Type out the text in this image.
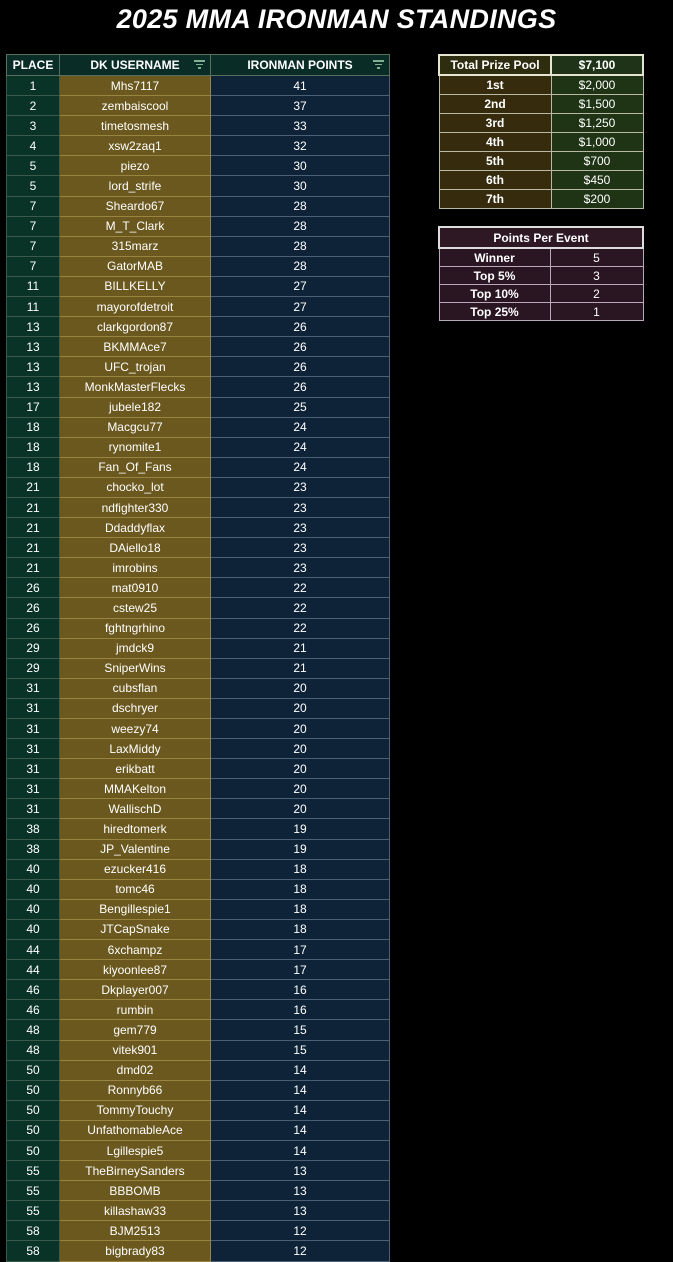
2025 MMA IRONMAN STANDINGS
PLACE	DK USERNAME	IRONMAN POINTS

1	Mhs7117	41
2	zembaiscool	37
3	timetosmesh	33
4	xsw2zaq1	32
5	piezo	30
5	lord_strife	30
7	Sheardo67	28
7	M_T_Clark	28
7	315marz	28
7	GatorMAB	28
11	BILLKELLY	27
11	mayorofdetroit	27
13	clarkgordon87	26
13	BKMMAce7	26
13	UFC_trojan	26
13	MonkMasterFlecks	26
17	jubele182	25
18	Macgcu77	24
18	rynomite1	24
18	Fan_Of_Fans	24
21	chocko_lot	23
21	ndfighter330	23
21	Ddaddyflax	23
21	DAiello18	23
21	imrobins	23
26	mat0910	22
26	cstew25	22
26	fghtngrhino	22
29	jmdck9	21
29	SniperWins	21
31	cubsflan	20
31	dschryer	20
31	weezy74	20
31	LaxMiddy	20
31	erikbatt	20
31	MMAKelton	20
31	WallischD	20
38	hiredtomerk	19
38	JP_Valentine	19
40	ezucker416	18
40	tomc46	18
40	Bengillespie1	18
40	JTCapSnake	18
44	6xchampz	17
44	kiyoonlee87	17
46	Dkplayer007	16
46	rumbin	16
48	gem779	15
48	vitek901	15
50	dmd02	14
50	Ronnyb66	14
50	TommyTouchy	14
50	UnfathomableAce	14
50	Lgillespie5	14
55	TheBirneySanders	13
55	BBBOMB	13
55	killashaw33	13
58	BJM2513	12
58	bigbrady83	12
Total Prize Pool	$7,100
1st	$2,000
2nd	$1,500
3rd	$1,250
4th	$1,000
5th	$700
6th	$450
7th	$200
Points Per Event	
Winner	5
Top 5%	3
Top 10%	2
Top 25%	1
